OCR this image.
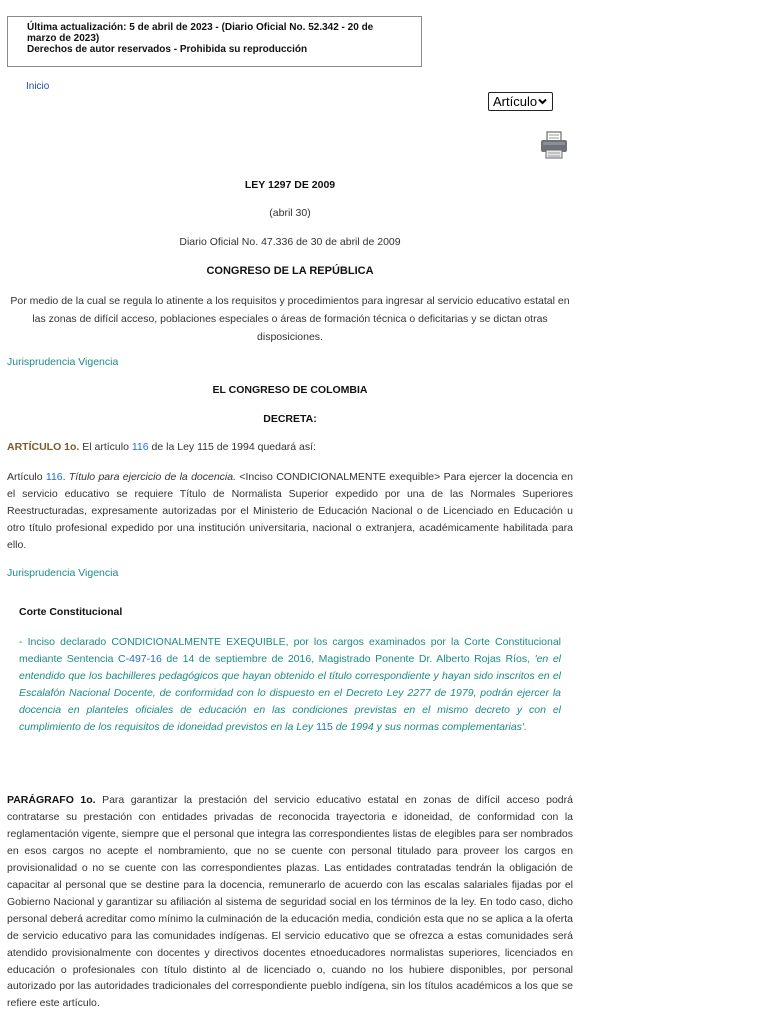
Última actualización: 5 de abril de 2023 - (Diario Oficial No. 52.342 - 20 de
marzo de 2023)
Derechos de autor reservados - Prohibida su reproducción
Inicio
Artículo
LEY 1297 DE 2009
(abril 30)
Diario Oficial No. 47.336 de 30 de abril de 2009
CONGRESO DE LA REPÚBLICA
Por medio de la cual se regula lo atinente a los requisitos y procedimientos para ingresar al servicio educativo estatal en las zonas de difícil acceso, poblaciones especiales o áreas de formación técnica o deficitarias y se dictan otras disposiciones.
Jurisprudencia Vigencia
EL CONGRESO DE COLOMBIA
DECRETA:
ARTÍCULO 1o. El artículo 116 de la Ley 115 de 1994 quedará así:
Artículo 116. Título para ejercicio de la docencia. <Inciso CONDICIONALMENTE exequible> Para ejercer la docencia en el servicio educativo se requiere Título de Normalista Superior expedido por una de las Normales Superiores Reestructuradas, expresamente autorizadas por el Ministerio de Educación Nacional o de Licenciado en Educación u otro título profesional expedido por una institución universitaria, nacional o extranjera, académicamente habilitada para ello.
Jurisprudencia Vigencia
Corte Constitucional
- Inciso declarado CONDICIONALMENTE EXEQUIBLE, por los cargos examinados por la Corte Constitucional mediante Sentencia C-497-16 de 14 de septiembre de 2016, Magistrado Ponente Dr. Alberto Rojas Ríos, 'en el entendido que los bachilleres pedagógicos que hayan obtenido el título correspondiente y hayan sido inscritos en el Escalafón Nacional Docente, de conformidad con lo dispuesto en el Decreto Ley 2277 de 1979, podrán ejercer la docencia en planteles oficiales de educación en las condiciones previstas en el mismo decreto y con el cumplimiento de los requisitos de idoneidad previstos en la Ley 115 de 1994 y sus normas complementarias'.
PARÁGRAFO 1o. Para garantizar la prestación del servicio educativo estatal en zonas de difícil acceso podrá contratarse su prestación con entidades privadas de reconocida trayectoria e idoneidad, de conformidad con la reglamentación vigente, siempre que el personal que integra las correspondientes listas de elegibles para ser nombrados en esos cargos no acepte el nombramiento, que no se cuente con personal titulado para proveer los cargos en provisionalidad o no se cuente con las correspondientes plazas. Las entidades contratadas tendrán la obligación de capacitar al personal que se destine para la docencia, remunerarlo de acuerdo con las escalas salariales fijadas por el Gobierno Nacional y garantizar su afiliación al sistema de seguridad social en los términos de la ley. En todo caso, dicho personal deberá acreditar como mínimo la culminación de la educación media, condición esta que no se aplica a la oferta de servicio educativo para las comunidades indígenas. El servicio educativo que se ofrezca a estas comunidades será atendido provisionalmente con docentes y directivos docentes etnoeducadores normalistas superiores, licenciados en educación o profesionales con título distinto al de licenciado o, cuando no los hubiere disponibles, por personal autorizado por las autoridades tradicionales del correspondiente pueblo indígena, sin los títulos académicos a los que se refiere este artículo.
